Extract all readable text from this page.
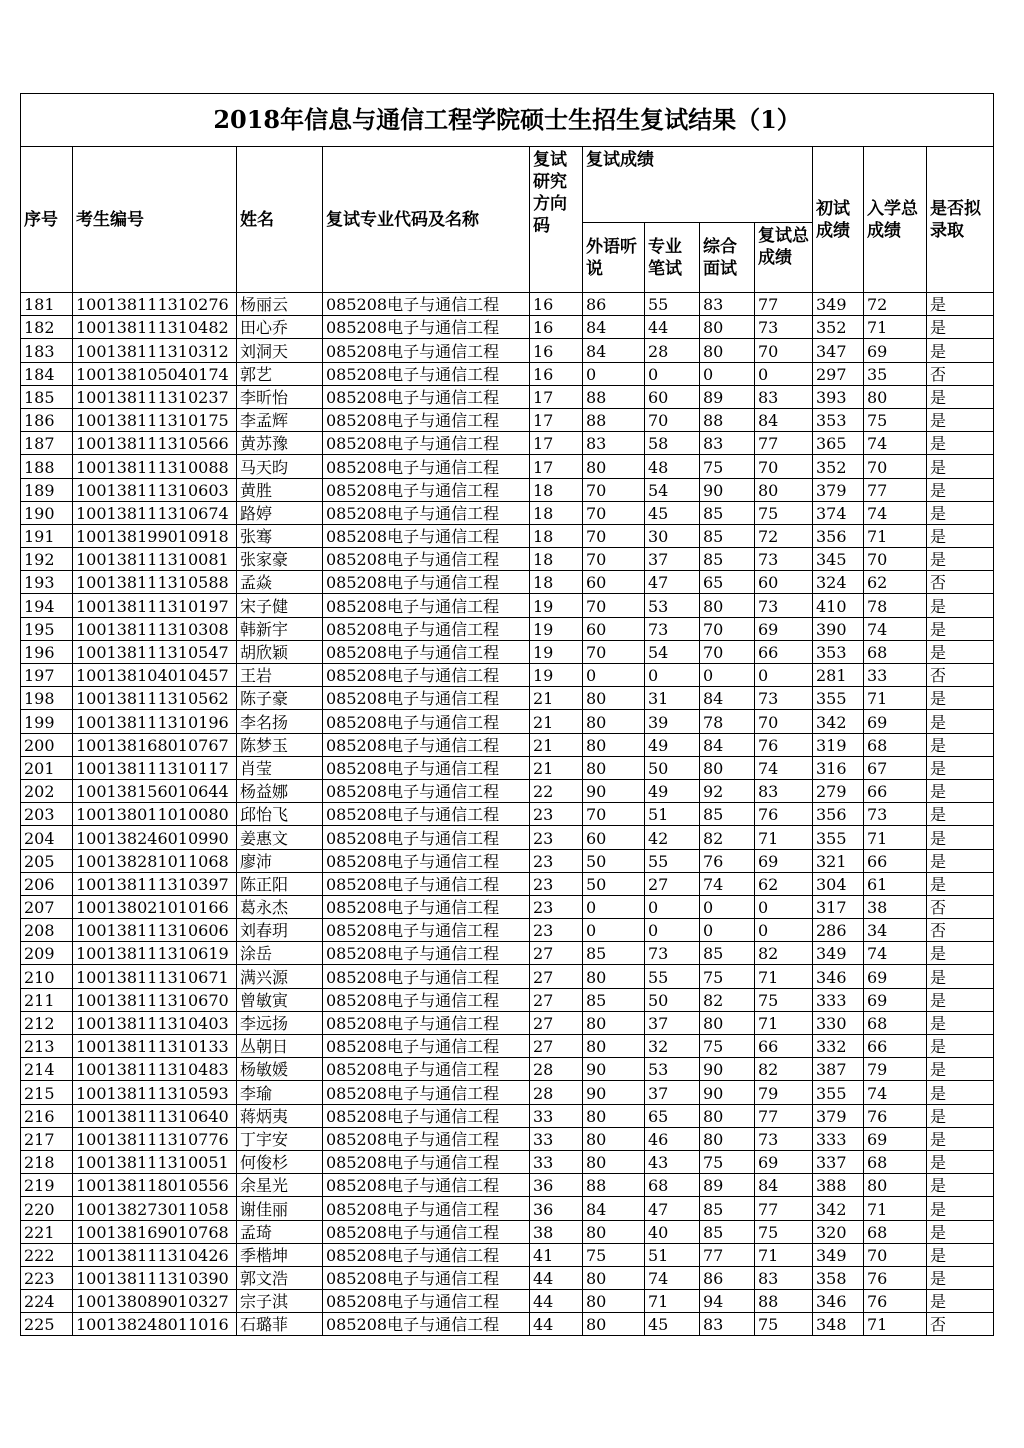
2018年信息与通信工程学院硕士生招生复试结果（1）											
序号	考生编号	姓名	复试专业代码及名称	复试研究方向码	复试成绩				初试成绩	入学总成绩	是否拟录取
					外语听说	专业笔试	综合面试	复试总成绩			
181	100138111310276	杨丽云	085208电子与通信工程	16	86	55	83	77	349	72	是
182	100138111310482	田心乔	085208电子与通信工程	16	84	44	80	73	352	71	是
183	100138111310312	刘洞天	085208电子与通信工程	16	84	28	80	70	347	69	是
184	100138105040174	郭艺	085208电子与通信工程	16	0	0	0	0	297	35	否
185	100138111310237	李昕怡	085208电子与通信工程	17	88	60	89	83	393	80	是
186	100138111310175	李孟辉	085208电子与通信工程	17	88	70	88	84	353	75	是
187	100138111310566	黄苏豫	085208电子与通信工程	17	83	58	83	77	365	74	是
188	100138111310088	马天昀	085208电子与通信工程	17	80	48	75	70	352	70	是
189	100138111310603	黄胜	085208电子与通信工程	18	70	54	90	80	379	77	是
190	100138111310674	路婷	085208电子与通信工程	18	70	45	85	75	374	74	是
191	100138199010918	张骞	085208电子与通信工程	18	70	30	85	72	356	71	是
192	100138111310081	张家豪	085208电子与通信工程	18	70	37	85	73	345	70	是
193	100138111310588	孟焱	085208电子与通信工程	18	60	47	65	60	324	62	否
194	100138111310197	宋子健	085208电子与通信工程	19	70	53	80	73	410	78	是
195	100138111310308	韩新宇	085208电子与通信工程	19	60	73	70	69	390	74	是
196	100138111310547	胡欣颖	085208电子与通信工程	19	70	54	70	66	353	68	是
197	100138104010457	王岩	085208电子与通信工程	19	0	0	0	0	281	33	否
198	100138111310562	陈子豪	085208电子与通信工程	21	80	31	84	73	355	71	是
199	100138111310196	李名扬	085208电子与通信工程	21	80	39	78	70	342	69	是
200	100138168010767	陈梦玉	085208电子与通信工程	21	80	49	84	76	319	68	是
201	100138111310117	肖莹	085208电子与通信工程	21	80	50	80	74	316	67	是
202	100138156010644	杨益娜	085208电子与通信工程	22	90	49	92	83	279	66	是
203	100138011010080	邱怡飞	085208电子与通信工程	23	70	51	85	76	356	73	是
204	100138246010990	姜惠文	085208电子与通信工程	23	60	42	82	71	355	71	是
205	100138281011068	廖沛	085208电子与通信工程	23	50	55	76	69	321	66	是
206	100138111310397	陈正阳	085208电子与通信工程	23	50	27	74	62	304	61	是
207	100138021010166	葛永杰	085208电子与通信工程	23	0	0	0	0	317	38	否
208	100138111310606	刘春玥	085208电子与通信工程	23	0	0	0	0	286	34	否
209	100138111310619	涂岳	085208电子与通信工程	27	85	73	85	82	349	74	是
210	100138111310671	满兴源	085208电子与通信工程	27	80	55	75	71	346	69	是
211	100138111310670	曾敏寅	085208电子与通信工程	27	85	50	82	75	333	69	是
212	100138111310403	李远扬	085208电子与通信工程	27	80	37	80	71	330	68	是
213	100138111310133	丛朝日	085208电子与通信工程	27	80	32	75	66	332	66	是
214	100138111310483	杨敏媛	085208电子与通信工程	28	90	53	90	82	387	79	是
215	100138111310593	李瑜	085208电子与通信工程	28	90	37	90	79	355	74	是
216	100138111310640	蒋炳夷	085208电子与通信工程	33	80	65	80	77	379	76	是
217	100138111310776	丁宇安	085208电子与通信工程	33	80	46	80	73	333	69	是
218	100138111310051	何俊杉	085208电子与通信工程	33	80	43	75	69	337	68	是
219	100138118010556	余星光	085208电子与通信工程	36	88	68	89	84	388	80	是
220	100138273011058	谢佳丽	085208电子与通信工程	36	84	47	85	77	342	71	是
221	100138169010768	孟琦	085208电子与通信工程	38	80	40	85	75	320	68	是
222	100138111310426	季楷坤	085208电子与通信工程	41	75	51	77	71	349	70	是
223	100138111310390	郭文浩	085208电子与通信工程	44	80	74	86	83	358	76	是
224	100138089010327	宗子淇	085208电子与通信工程	44	80	71	94	88	346	76	是
225	100138248011016	石璐菲	085208电子与通信工程	44	80	45	83	75	348	71	否
